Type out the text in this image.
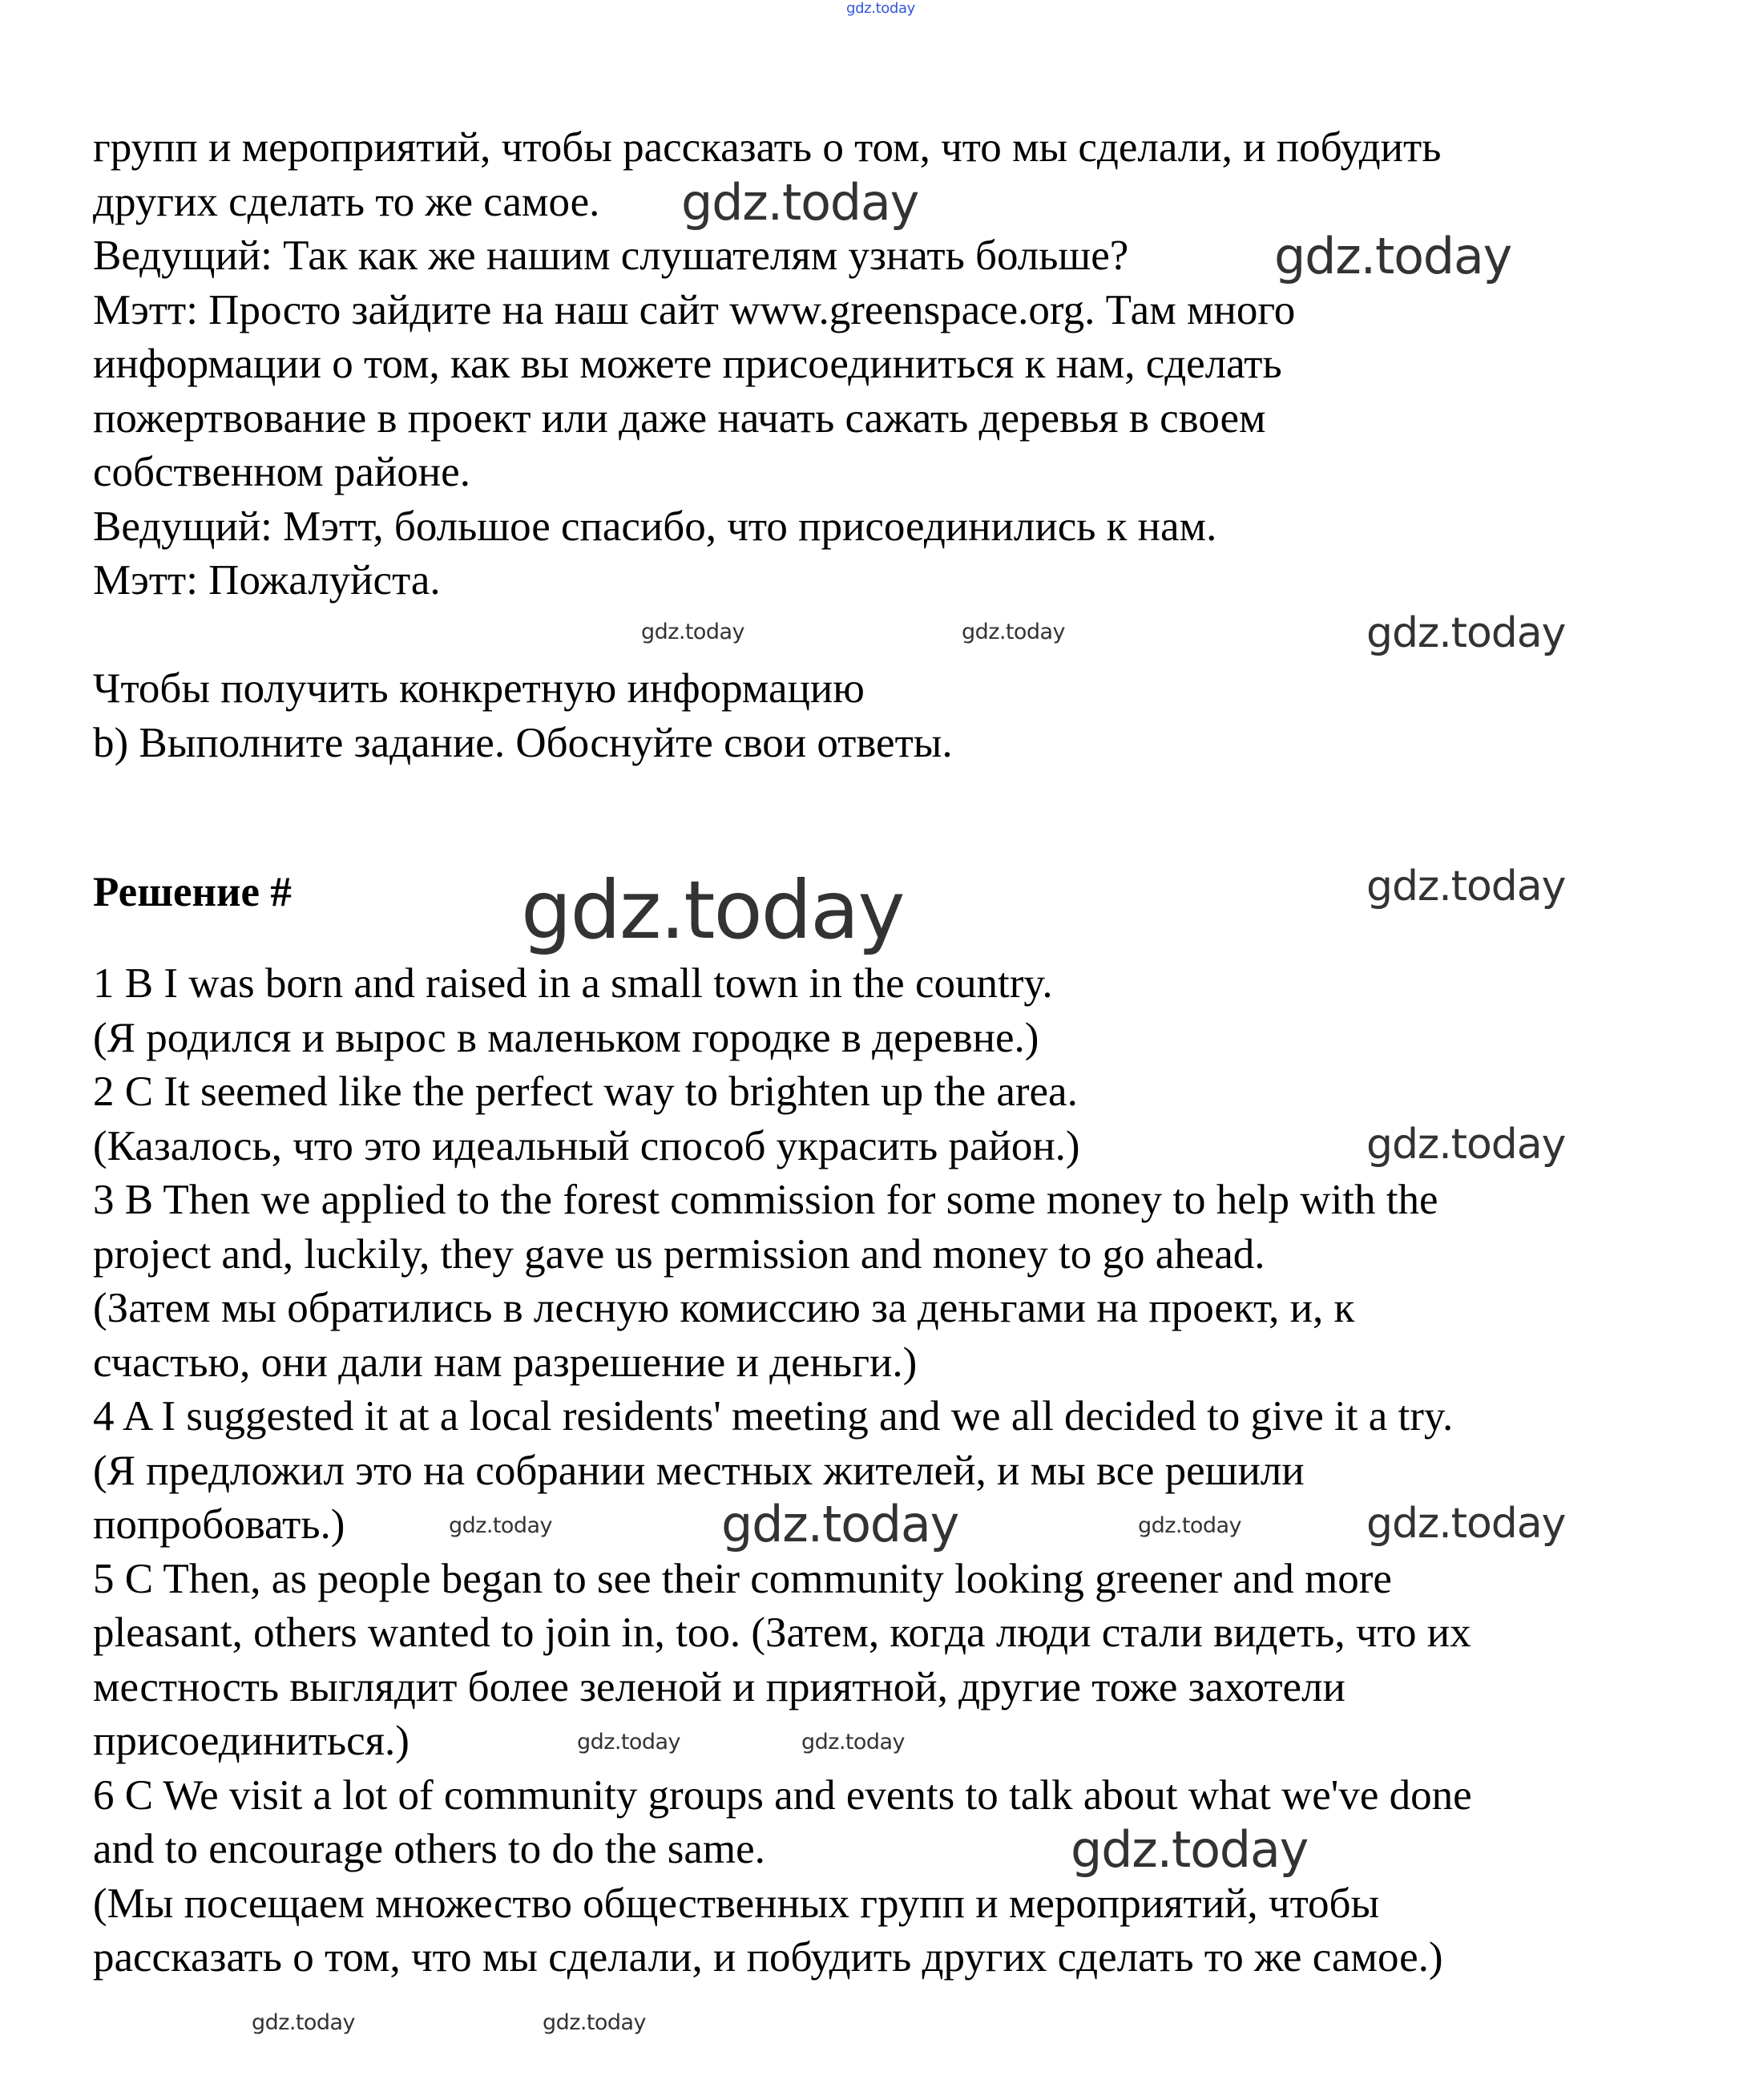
групп и мероприятий, чтобы рассказать о том, что мы сделали, и побудить
других сделать то же самое.
Ведущий: Так как же нашим слушателям узнать больше?
Мэтт: Просто зайдите на наш сайт www.greenspace.org. Там много
информации о том, как вы можете присоединиться к нам, сделать
пожертвование в проект или даже начать сажать деревья в своем
собственном районе.
Ведущий: Мэтт, большое спасибо, что присоединились к нам.
Мэтт: Пожалуйста.
Чтобы получить конкретную информацию
b) Выполните задание. Обоснуйте свои ответы.
Решение #
1 B I was born and raised in a small town in the country.
(Я родился и вырос в маленьком городке в деревне.)
2 C It seemed like the perfect way to brighten up the area.
(Казалось, что это идеальный способ украсить район.)
3 B Then we applied to the forest commission for some money to help with the
project and, luckily, they gave us permission and money to go ahead.
(Затем мы обратились в лесную комиссию за деньгами на проект, и, к
счастью, они дали нам разрешение и деньги.)
4 A I suggested it at a local residents' meeting and we all decided to give it a try.
(Я предложил это на собрании местных жителей, и мы все решили
попробовать.)
5 C Then, as people began to see their community looking greener and more
pleasant, others wanted to join in, too. (Затем, когда люди стали видеть, что их
местность выглядит более зеленой и приятной, другие тоже захотели
присоединиться.)
6 C We visit a lot of community groups and events to talk about what we've done
and to encourage others to do the same.
(Мы посещаем множество общественных групп и мероприятий, чтобы
рассказать о том, что мы сделали, и побудить других сделать то же самое.)
gdz.today
gdz.today
gdz.today
gdz.today	gdz.today	gdz.today
gdz.today	gdz.today
gdz.today
gdz.today	gdz.today	gdz.today	gdz.today
gdz.today	gdz.today
gdz.today
gdz.today	gdz.today
